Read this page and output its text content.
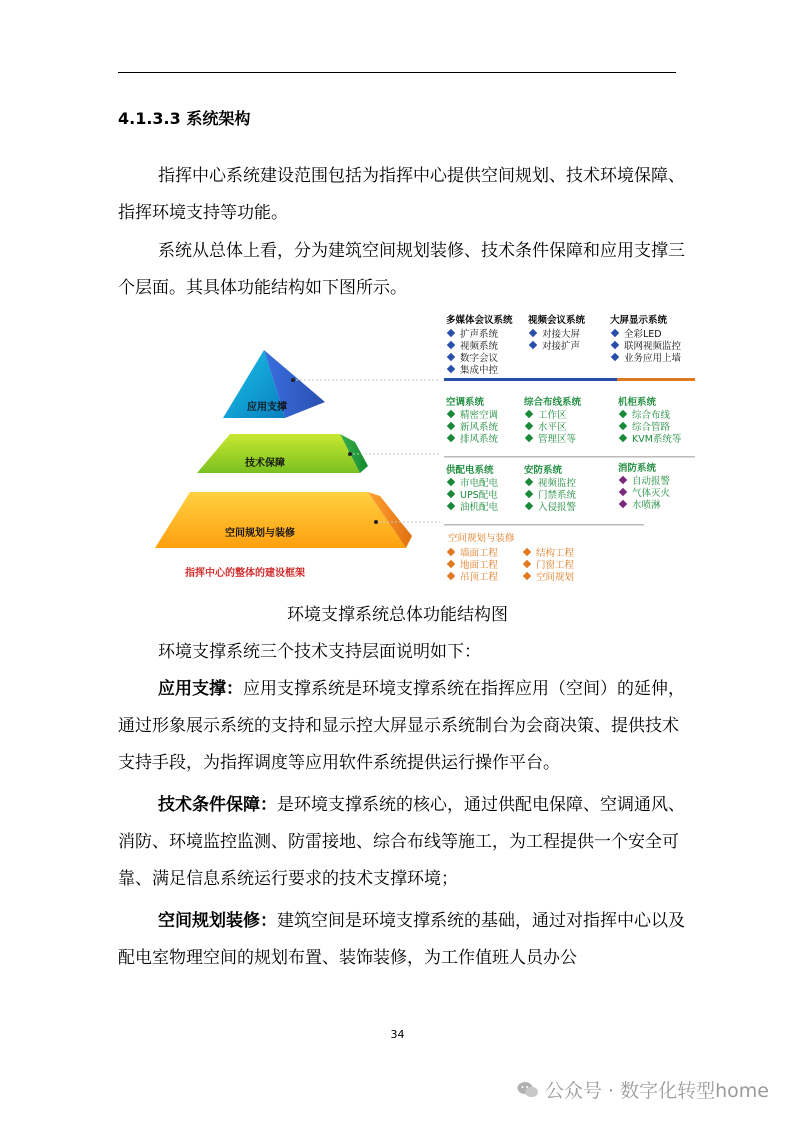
4.1.3.3 系统架构

指挥中心系统建设范围包括为指挥中心提供空间规划、技术环境保障、指挥环境支持等功能。

系统从总体上看，分为建筑空间规划装修、技术条件保障和应用支撑三个层面。其具体功能结构如下图所示。

应用支撑
技术保障
空间规划与装修
指挥中心的整体的建设框架
多媒体会议系统
扩声系统
视频系统
数字会议
集成中控
视频会议系统
对接大屏
对接扩声
大屏显示系统
全彩LED
联网视频监控
业务应用上墙
空调系统
精密空调
新风系统
排风系统
综合布线系统
工作区
水平区
管理区等
机柜系统
综合布线
综合管路
KVM系统等
供配电系统
市电配电
UPS配电
油机配电
安防系统
视频监控
门禁系统
入侵报警
消防系统
自动报警
气体灭火
水喷淋
空间规划与装修
墙面工程
地面工程
吊顶工程
结构工程
门窗工程
空间规划
环境支撑系统总体功能结构图

环境支撑系统三个技术支持层面说明如下：

应用支撑：应用支撑系统是环境支撑系统在指挥应用（空间）的延伸，通过形象展示系统的支持和显示控大屏显示系统制台为会商决策、提供技术支持手段，为指挥调度等应用软件系统提供运行操作平台。

技术条件保障：是环境支撑系统的核心，通过供配电保障、空调通风、消防、环境监控监测、防雷接地、综合布线等施工，为工程提供一个安全可靠、满足信息系统运行要求的技术支撑环境；

空间规划装修：建筑空间是环境支撑系统的基础，通过对指挥中心以及配电室物理空间的规划布置、装饰装修，为工作值班人员办公

34
公众号 · 数字化转型home
